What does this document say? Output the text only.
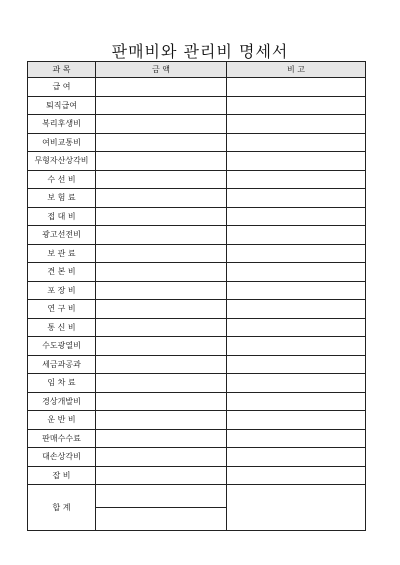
판매비와 관리비 명세서
과 목	금 액	비 고
급 여		
퇴직급여		
복리후생비		
여비교통비		
무형자산상각비		
수 선 비		
보 험 료		
접 대 비		
광고선전비		
보 관 료		
견 본 비		
포 장 비		
연 구 비		
통 신 비		
수도광열비		
세금과공과		
임 차 료		
경상개발비		
운 반 비		
판매수수료		
대손상각비		
잡 비		
합 계		
